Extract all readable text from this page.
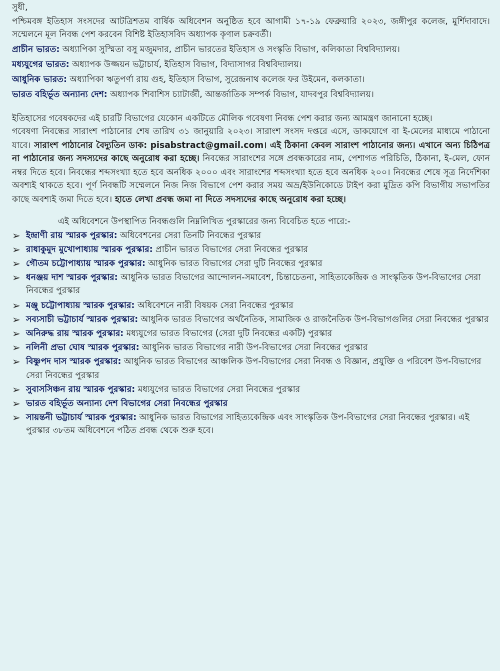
সুধী,

পশ্চিমবঙ্গ ইতিহাস সংসদের আটত্রিশতম বার্ষিক অধিবেশন অনুষ্ঠিত হবে আগামী ১৭-১৯ ফেব্রুয়ারি ২০২৩, জঙ্গীপুর কলেজ, মুর্শিদাবাদে। সম্মেলনে মূল নিবন্ধ পেশ করবেন বিশিষ্ট ইতিহাসবিদ অধ্যাপক কৃণাল চক্রবর্তী।

প্রাচীন ভারত: অধ্যাপিকা সুস্মিতা বসু মজুমদার, প্রাচীন ভারতের ইতিহাস ও সংস্কৃতি বিভাগ, কলিকাতা বিশ্ববিদ্যালয়।

মধ্যযুগের ভারত: অধ্যাপক উজ্জয়ন ভট্টাচার্য, ইতিহাস বিভাগ, বিদ্যাসাগর বিশ্ববিদ্যালয়।

আধুনিক ভারত: অধ্যাপিকা ঋতুপর্ণা রায় গুহ, ইতিহাস বিভাগ, সুরেন্দ্রনাথ কলেজ ফর উইমেন, কলকাতা।

ভারত বহির্ভূত অন্যান্য দেশ: অধ্যাপক শিবাশিস চ্যাটার্জী, আন্তর্জাতিক সম্পর্ক বিভাগ, যাদবপুর বিশ্ববিদ্যালয়।

ইতিহাসের গবেষকদের এই চারটি বিভাগের যেকোন একটিতে মৌলিক গবেষণা নিবন্ধ পেশ করার জন্য আমন্ত্রণ জানানো হচ্ছে।

গবেষণা নিবন্ধের সারাংশ পাঠানোর শেষ তারিখ ৩১ জানুয়ারি ২০২৩। সারাংশ সংসদ দপ্তরে এসে, ডাকযোগে বা ই-মেলের মাধ্যমে পাঠানো যাবে। সারাংশ পাঠানোর বৈদ্যুতিন ডাক: pisabstract@gmail.com। এই ঠিকানা কেবল সারাংশ পাঠানোর জন্য। এখানে অন্য চিঠিপত্র না পাঠানোর জন্য সদস্যদের কাছে অনুরোধ করা হচ্ছে। নিবন্ধের সারাংশের সঙ্গে প্রবন্ধকারের নাম, পেশাগত পরিচিতি, ঠিকানা, ই-মেল, ফোন নম্বর দিতে হবে। নিবন্ধের শব্দসংখ্যা হতে হবে অনধিক ২০০০ এবং সারাংশের শব্দসংখ্যা হতে হবে অনধিক ২০০। নিবন্ধের শেষে সূত্র নির্দেশিকা অবশ্যই থাকতে হবে। পূর্ণ নিবন্ধটি সম্মেলনে নিজ নিজ বিভাগে পেশ করার সময় অভ্র/ইউনিকোডে টাইপ করা মুদ্রিত কপি বিভাগীয় সভাপতির কাছে অবশ্যই জমা দিতে হবে। হাতে লেখা প্রবন্ধ জমা না দিতে সদস্যদের কাছে অনুরোধ করা হচ্ছে।

এই অধিবেশনে উপস্থাপিত নিবন্ধগুলি নিম্নলিখিত পুরস্কারের জন্য বিবেচিত হতে পারে:-

➢ ইন্দ্রাণী রায় স্মারক পুরস্কার: অধিবেশনের সেরা তিনটি নিবন্ধের পুরস্কার
➢ রাধাকুমুদ মুখোপাধ্যায় স্মারক পুরস্কার: প্রাচীন ভারত বিভাগের সেরা নিবন্ধের পুরস্কার
➢ গৌতম চট্টোপাধ্যায় স্মারক পুরস্কার: আধুনিক ভারত বিভাগের সেরা দুটি নিবন্ধের পুরস্কার
➢ ধনঞ্জয় দাশ স্মারক পুরস্কার: আধুনিক ভারত বিভাগের আন্দোলন-সমাবেশ, চিন্তাচেতনা, সাহিত্যকেন্দ্রিক ও সাংস্কৃতিক উপ-বিভাগের সেরা নিবন্ধের পুরস্কার
➢ মঞ্জু চট্টোপাধ্যায় স্মারক পুরস্কার: অধিবেশনে নারী বিষয়ক সেরা নিবন্ধের পুরস্কার
➢ সব্যসাচী ভট্টাচার্য স্মারক পুরস্কার: আধুনিক ভারত বিভাগের অর্থনৈতিক, সামাজিক ও রাজনৈতিক উপ-বিভাগগুলির সেরা নিবন্ধের পুরস্কার
➢ অনিরুদ্ধ রায় স্মারক পুরস্কার: মধ্যযুগের ভারত বিভাগের (সেরা দুটি নিবন্ধের একটি) পুরস্কার
➢ নলিনী প্রভা ঘোষ স্মারক পুরস্কার: আধুনিক ভারত বিভাগের নারী উপ-বিভাগের সেরা নিবন্ধের পুরস্কার
➢ বিষ্ণুপদ দাস স্মারক পুরস্কার: আধুনিক ভারত বিভাগের আঞ্চলিক উপ-বিভাগের সেরা নিবন্ধ ও বিজ্ঞান, প্রযুক্তি ও পরিবেশ উপ-বিভাগের সেরা নিবন্ধের পুরস্কার
➢ সুবাসসিঞ্চন রায় স্মারক পুরস্কার: মধ্যযুগের ভারত বিভাগের সেরা নিবন্ধের পুরস্কার
➢ ভারত বহির্ভূত অন্যান্য দেশ বিভাগের সেরা নিবন্ধের পুরস্কার
➢ সায়ন্তনী ভট্টাচার্য স্মারক পুরস্কার: আধুনিক ভারত বিভাগের সাহিত্যকেন্দ্রিক এবং সাংস্কৃতিক উপ-বিভাগের সেরা নিবন্ধের পুরস্কার। এই পুরস্কার ৩৮তম অধিবেশনে পঠিত প্রবন্ধ থেকে শুরু হবে।
